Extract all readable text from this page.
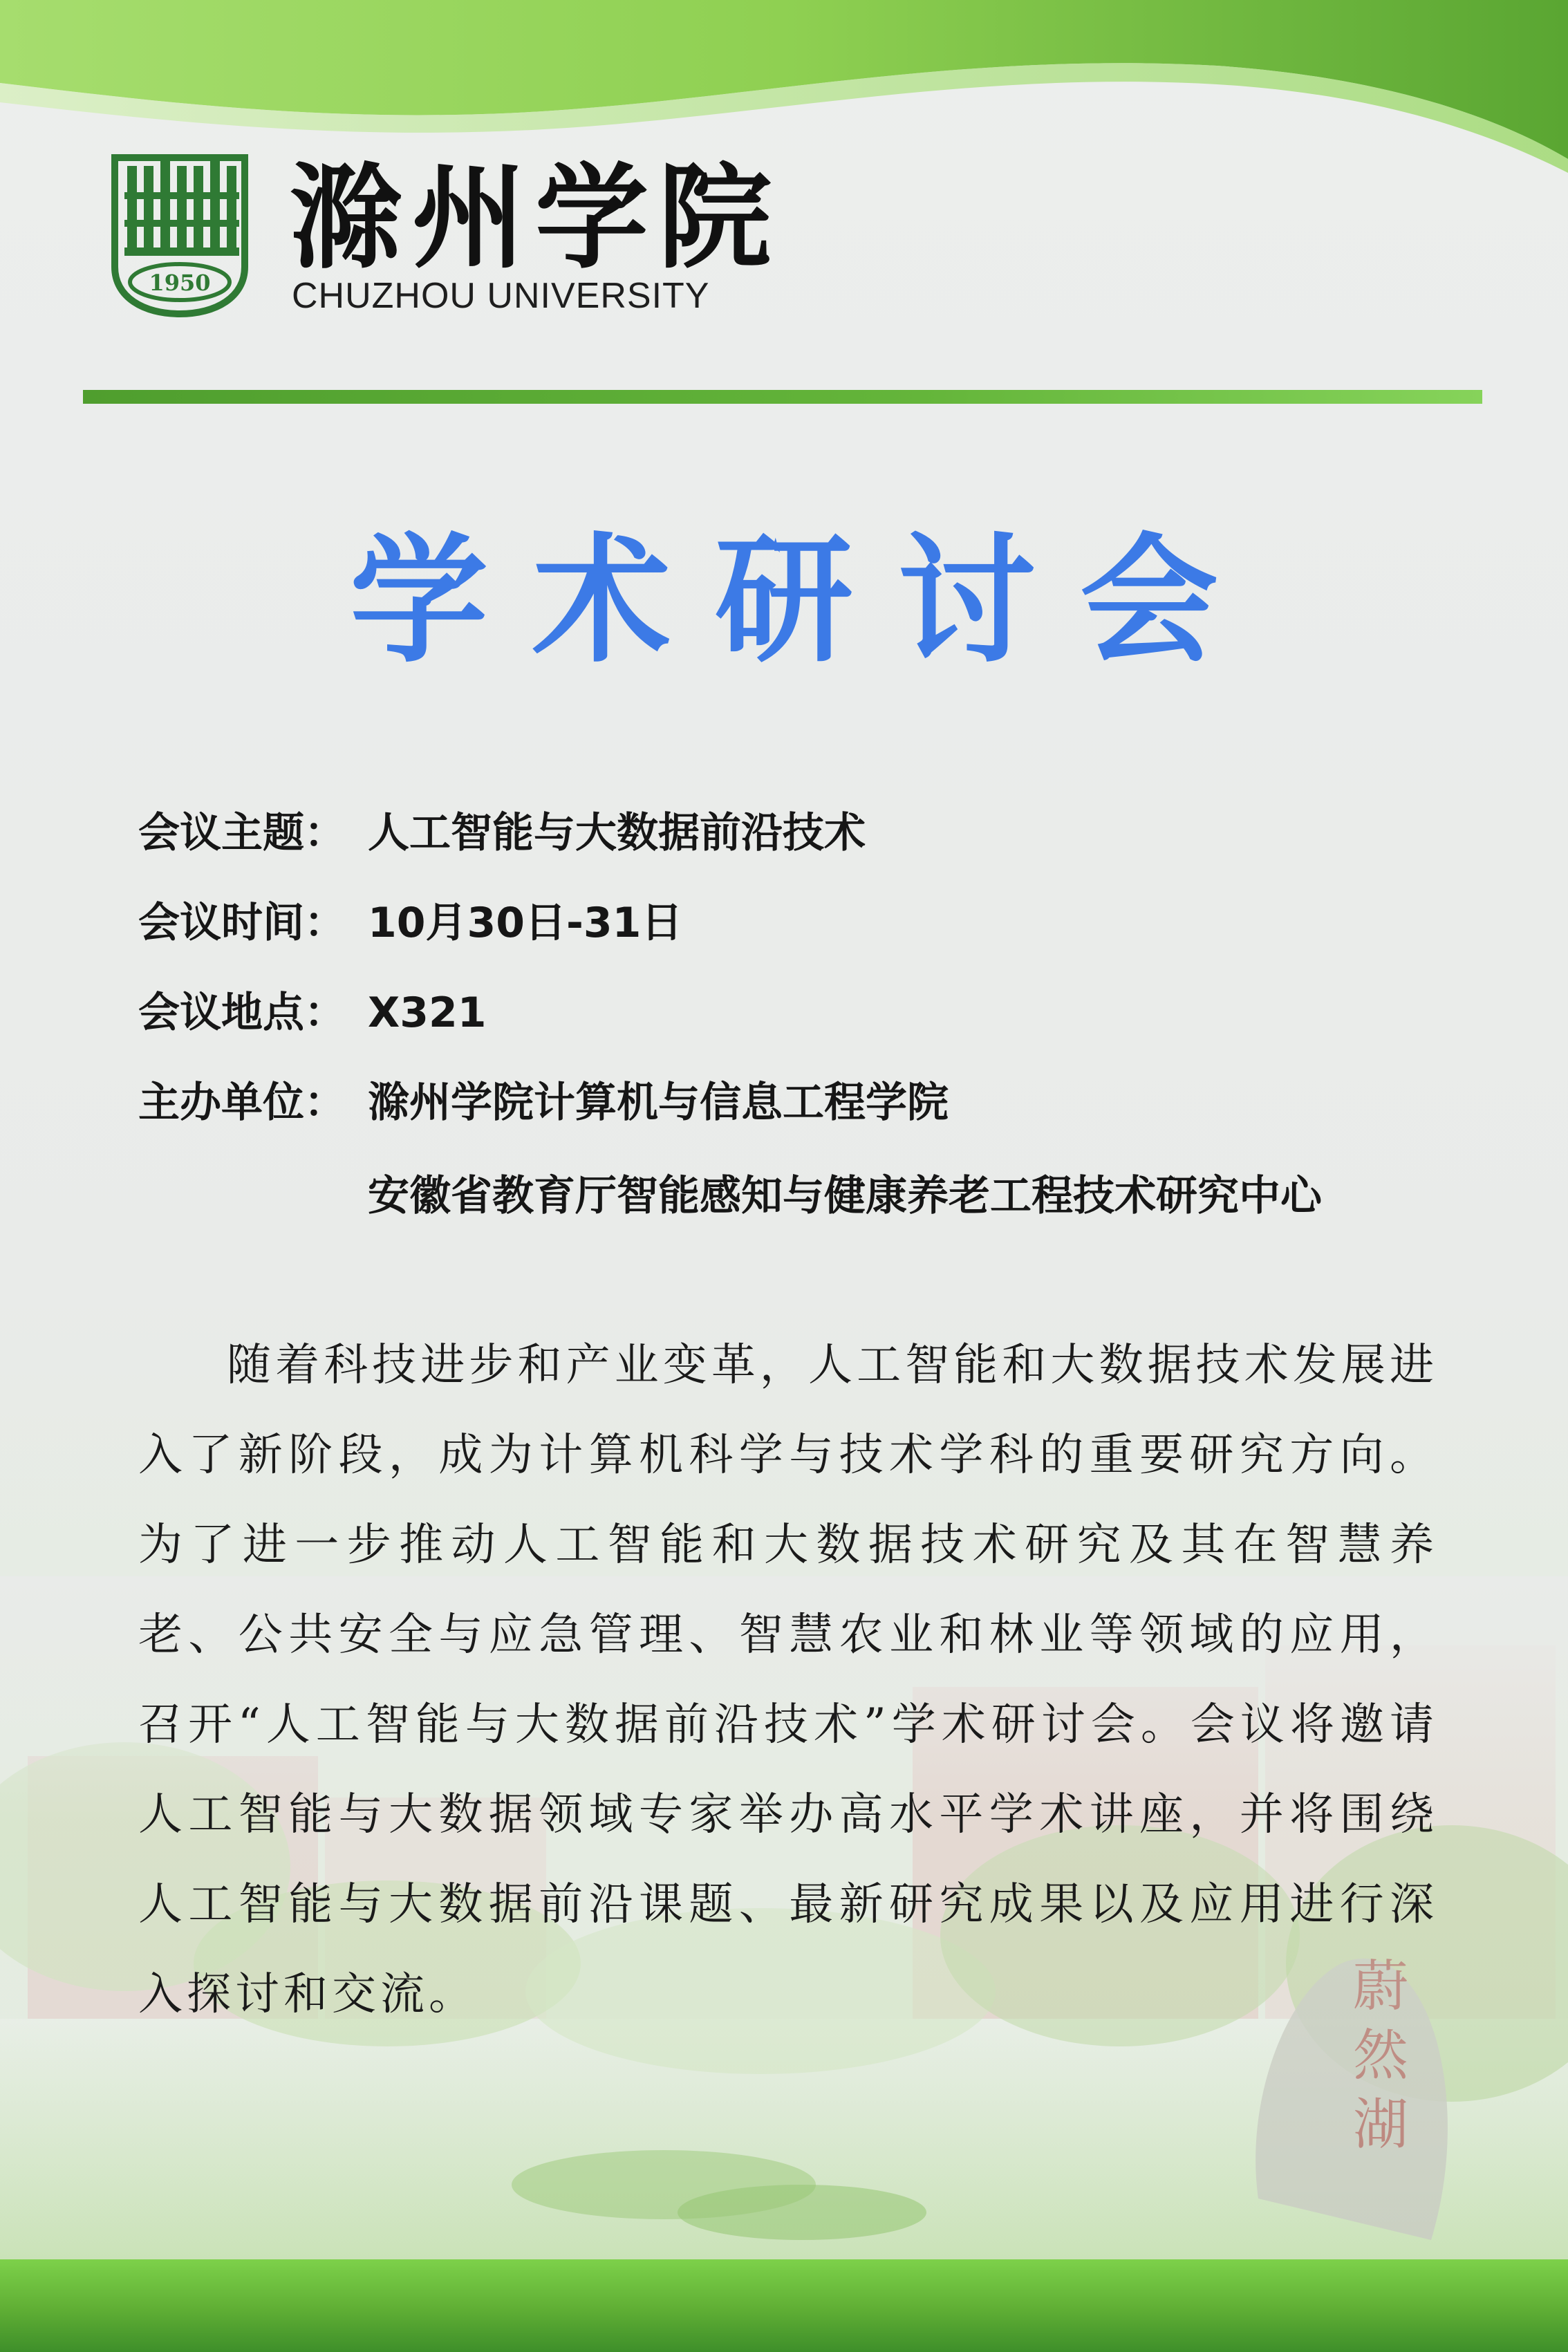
1950 滁州学院
CHUZHOU UNIVERSITY
学术研讨会
会议主题： 人工智能与大数据前沿技术
会议时间： 10月30日-31日
会议地点： X321
主办单位： 滁州学院计算机与信息工程学院
安徽省教育厅智能感知与健康养老工程技术研究中心

随着科技进步和产业变革，人工智能和大数据技术发展进入了新阶段，成为计算机科学与技术学科的重要研究方向。为了进一步推动人工智能和大数据技术研究及其在智慧养老、公共安全与应急管理、智慧农业和林业等领域的应用，召开“人工智能与大数据前沿技术”学术研讨会。会议将邀请人工智能与大数据领域专家举办高水平学术讲座，并将围绕人工智能与大数据前沿课题、最新研究成果以及应用进行深入探讨和交流。
